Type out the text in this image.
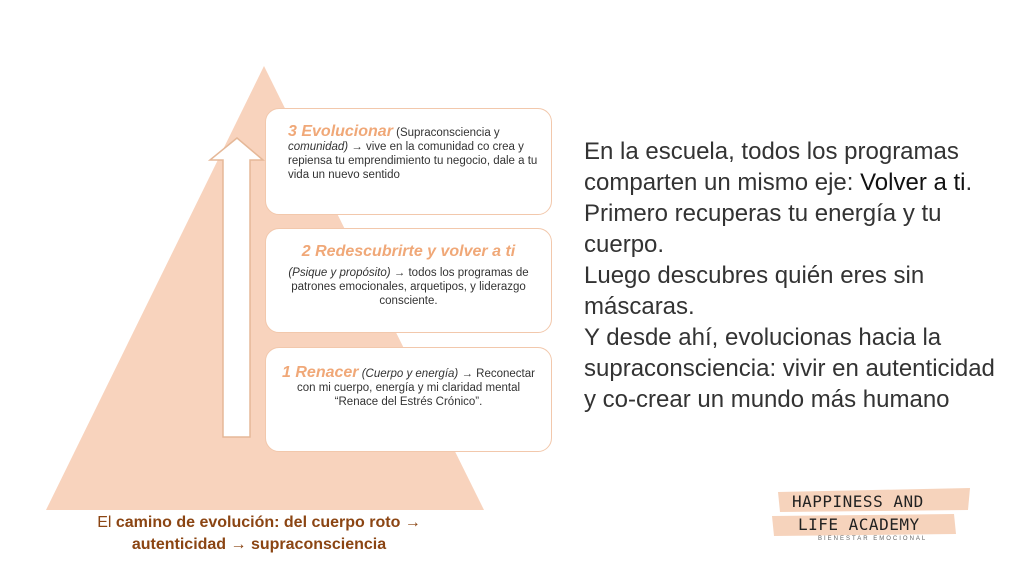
3 Evolucionar (Supraconsciencia y comunidad) → vive en la comunidad co crea y repiensa tu emprendimiento tu negocio, dale a tu vida un nuevo sentido
2 Redescubrirte y volver a ti
(Psique y propósito) → todos los programas de patrones emocionales, arquetipos, y liderazgo consciente.
1 Renacer (Cuerpo y energía) → Reconectar con mi cuerpo, energía y mi claridad mental “Renace del Estrés Crónico”.
El camino de evolución: del cuerpo roto →
autenticidad → supraconsciencia
En la escuela, todos los programas
comparten un mismo eje: Volver a ti.
Primero recuperas tu energía y tu
cuerpo.
Luego descubres quién eres sin
máscaras.
Y desde ahí, evolucionas hacia la
supraconsciencia: vivir en autenticidad
y co-crear un mundo más humano
HAPPINESS AND
LIFE ACADEMY
BIENESTAR EMOCIONAL
